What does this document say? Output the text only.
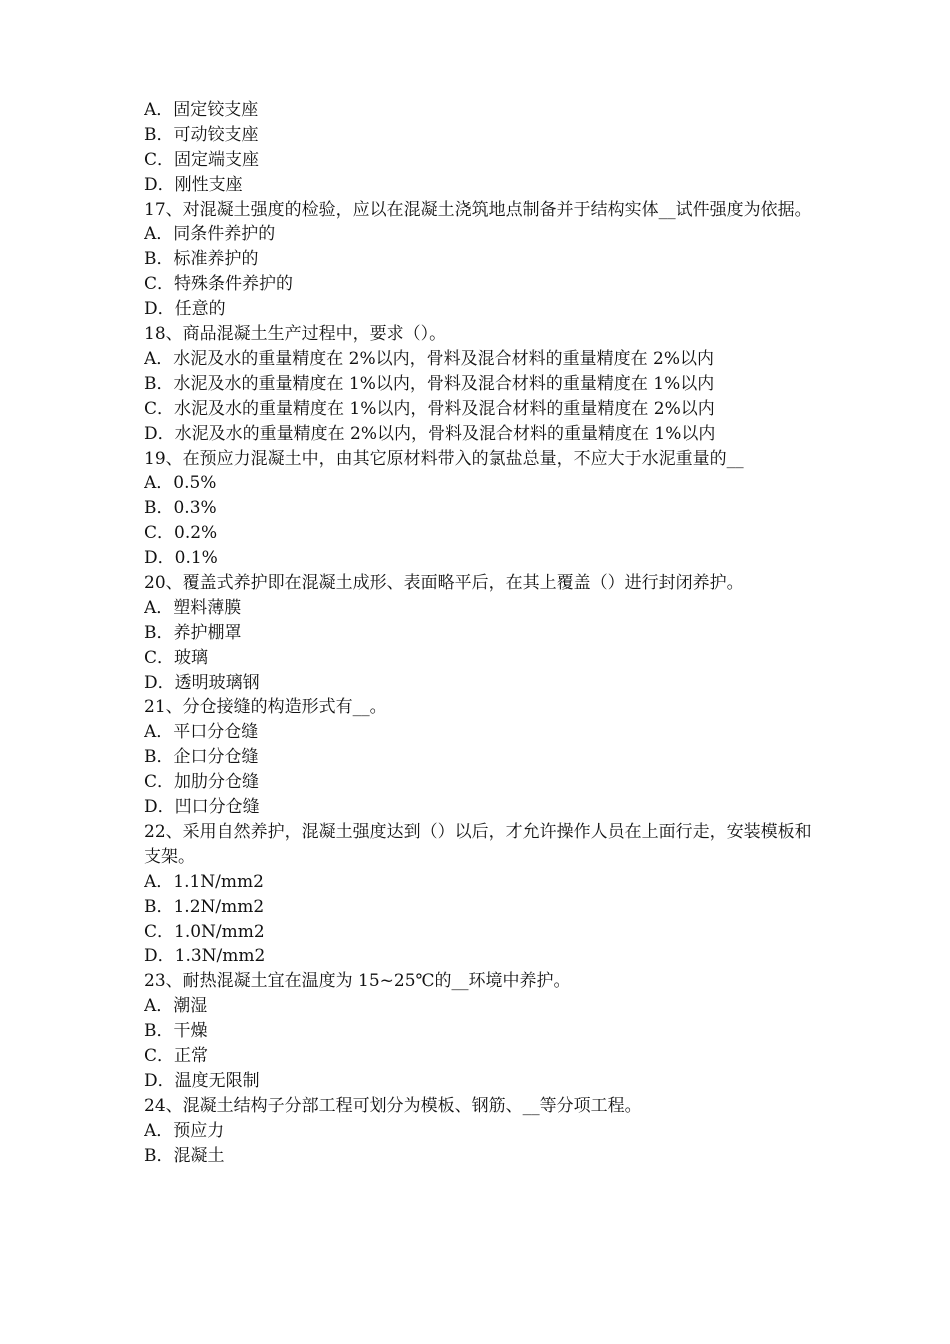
A．固定铰支座
B．可动铰支座
C．固定端支座
D．刚性支座
17、对混凝土强度的检验，应以在混凝土浇筑地点制备并于结构实体__试件强度为依据。
A．同条件养护的
B．标准养护的
C．特殊条件养护的
D．任意的
18、商品混凝土生产过程中，要求（）。
A．水泥及水的重量精度在 2%以内，骨料及混合材料的重量精度在 2%以内
B．水泥及水的重量精度在 1%以内，骨料及混合材料的重量精度在 1%以内
C．水泥及水的重量精度在 1%以内，骨料及混合材料的重量精度在 2%以内
D．水泥及水的重量精度在 2%以内，骨料及混合材料的重量精度在 1%以内
19、在预应力混凝土中，由其它原材料带入的氯盐总量，不应大于水泥重量的__
A．0.5%
B．0.3%
C．0.2%
D．0.1%
20、覆盖式养护即在混凝土成形、表面略平后，在其上覆盖（）进行封闭养护。
A．塑料薄膜
B．养护棚罩
C．玻璃
D．透明玻璃钢
21、分仓接缝的构造形式有__。
A．平口分仓缝
B．企口分仓缝
C．加肋分仓缝
D．凹口分仓缝
22、采用自然养护，混凝土强度达到（）以后，才允许操作人员在上面行走，安装模板和支架。
A．1.1N/mm2
B．1.2N/mm2
C．1.0N/mm2
D．1.3N/mm2
23、耐热混凝土宜在温度为 15~25℃的__环境中养护。
A．潮湿
B．干燥
C．正常
D．温度无限制
24、混凝土结构子分部工程可划分为模板、钢筋、__等分项工程。
A．预应力
B．混凝土
